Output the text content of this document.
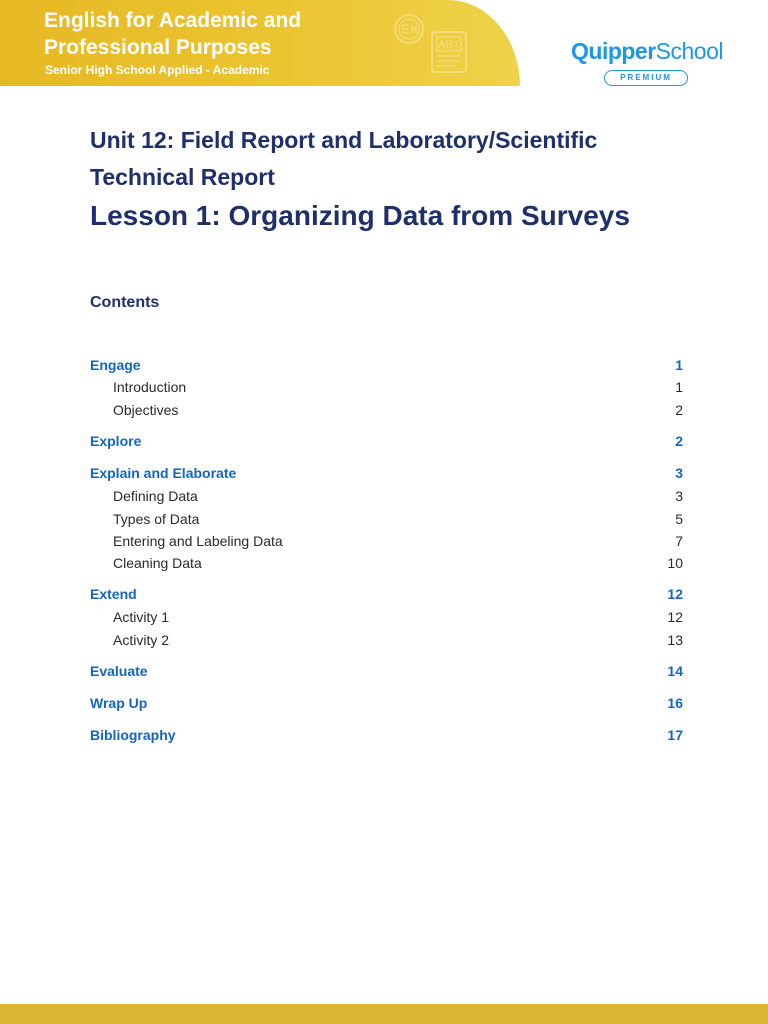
English for Academic and Professional Purposes
Senior High School Applied - Academic
QuipperSchool
PREMIUM
Unit 12: Field Report and Laboratory/Scientific Technical Report
Lesson 1: Organizing Data from Surveys
Contents
Engage	1
Introduction	1
Objectives	2
Explore	2
Explain and Elaborate	3
Defining Data	3
Types of Data	5
Entering and Labeling Data	7
Cleaning Data	10
Extend	12
Activity 1	12
Activity 2	13
Evaluate	14
Wrap Up	16
Bibliography	17
